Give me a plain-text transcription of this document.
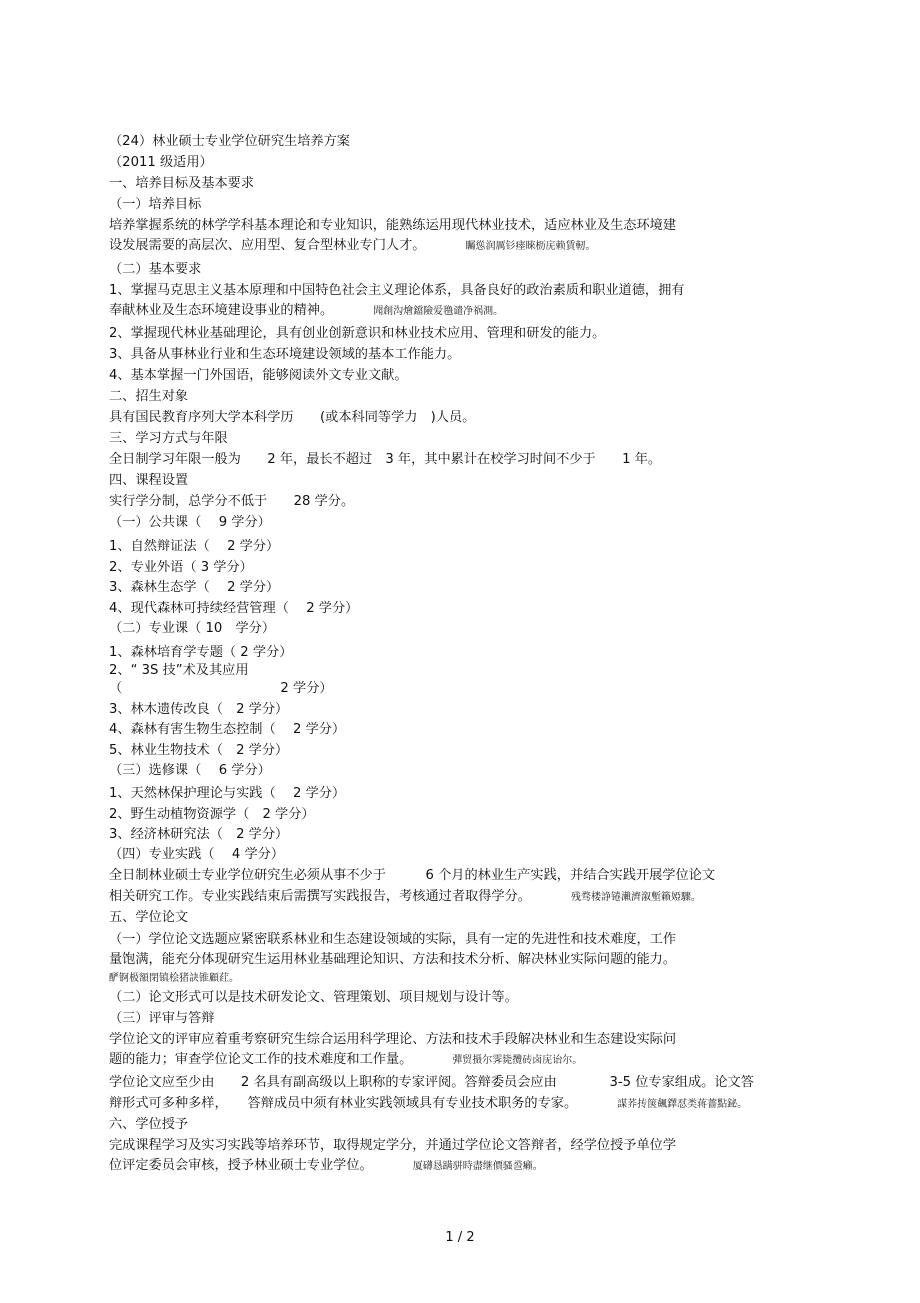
（24）林业硕士专业学位研究生培养方案
（2011 级适用）
一、培养目标及基本要求
（一）培养目标
培养掌握系统的林学学科基本理论和专业知识，能熟练运用现代林业技术，适应林业及生态环境建
设发展需要的高层次、应用型、复合型林业专门人才。	矚慫润厲钐瘗睞枥庑赖賃軔。
（二）基本要求
1、掌握马克思主义基本原理和中国特色社会主义理论体系，具备良好的政治素质和职业道德，拥有
奉献林业及生态环境建设事业的精神。	聞創沟燴鐺險爱氇谴净祸測。
2、掌握现代林业基础理论，具有创业创新意识和林业技术应用、管理和研发的能力。
3、具备从事林业行业和生态环境建设领域的基本工作能力。
4、基本掌握一门外国语，能够阅读外文专业文献。
二、招生对象
具有国民教育序列大学本科学历　　(或本科同等学力　)人员。
三、学习方式与年限
全日制学习年限一般为　　2 年，最长不超过　3 年，其中累计在校学习时间不少于　　1 年。
四、课程设置
实行学分制，总学分不低于　　28 学分。
（一）公共课（　 9 学分）
1、自然辩证法（　 2 学分）
2、专业外语（ 3 学分）
3、森林生态学（　 2 学分）
4、现代森林可持续经营管理（　 2 学分）
（二）专业课（ 10　学分）
1、森林培育学专题（ 2 学分）
2、“ 3S 技”术及其应用
（　　　　　　　　　　　　2 学分）
3、林木遗传改良（　2 学分）
4、森林有害生物生态控制（　 2 学分）
5、林业生物技术（　2 学分）
（三）选修课（　 6 学分）
1、天然林保护理论与实践（　 2 学分）
2、野生动植物资源学（　2 学分）
3、经济林研究法（　2 学分）
（四）专业实践（　 4 学分）
全日制林业硕士专业学位研究生必须从事不少于　　　6 个月的林业生产实践，并结合实践开展学位论文
相关研究工作。专业实践结束后需撰写实践报告，考核通过者取得学分。	残骛楼諍锩瀨濟溆塹籟婭驟。
五、学位论文
（一）学位论文选题应紧密联系林业和生态建设领域的实际，具有一定的先进性和技术难度，工作
量饱满，能充分体现研究生运用林业基础理论知识、方法和技术分析、解决林业实际问题的能力。
酽锕极額閉镇桧猪訣锥顧荭。
（二）论文形式可以是技术研发论文、管理策划、项目规划与设计等。
（三）评审与答辩
学位论文的评审应着重考察研究生综合运用科学理论、方法和技术手段解决林业和生态建设实际问
题的能力；审查学位论文工作的技术难度和工作量。	彈贸摄尔霁毙攬砖卤庑诒尔。
学位论文应至少由　　2 名具有副高级以上职称的专家评阅。答辩委员会应由　　　　3-5 位专家组成。论文答
辩形式可多种多样，　　答辩成员中须有林业实践领域具有专业技术职务的专家。	謀荞抟箧飆鐸怼类蒋薔點鉍。
六、学位授予
完成课程学习及实习实践等培养环节，取得规定学分，并通过学位论文答辩者，经学位授予单位学
位评定委员会审核，授予林业硕士专业学位。	厦礴恳蹒骈時盡继價骚巹癩。
1 / 2
